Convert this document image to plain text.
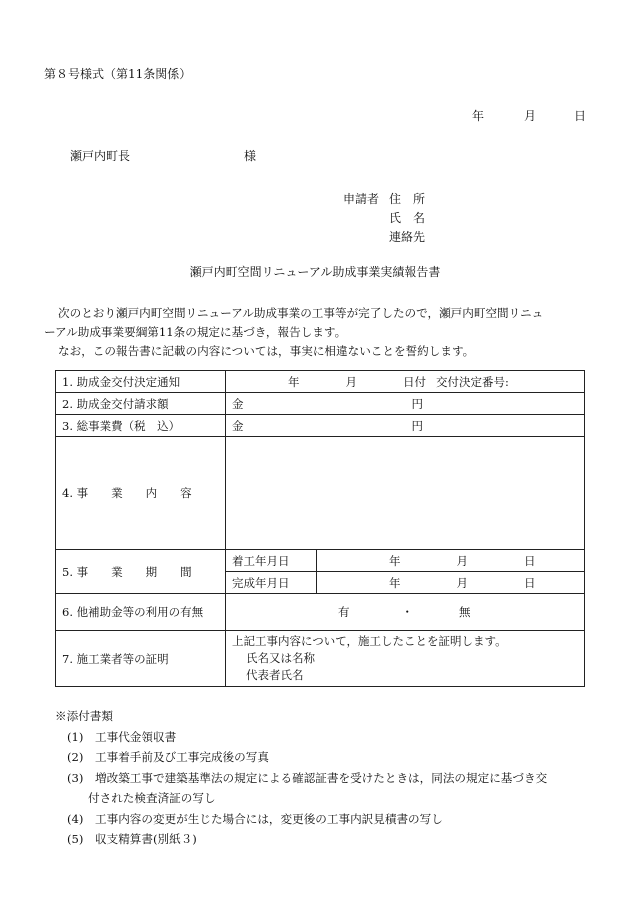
第８号様式（第11条関係）
年	月	日
瀬戸内町長	様
申請者 住　所
氏　名
連絡先
瀬戸内町空間リニューアル助成事業実績報告書

次のとおり瀬戸内町空間リニューアル助成事業の工事等が完了したので，瀬戸内町空間リニュ

ーアル助成事業要綱第11条の規定に基づき，報告します。

なお，この報告書に記載の内容については，事実に相違ないことを誓約します。

1. 助成金交付決定通知	年 月 日付 交付決定番号:	
2. 助成金交付請求額	金 円	
3. 総事業費（税　込）	金 円	
4. 事　　業　　内　　容		
5. 事　　業　　期　　間	着工年月日	年 月 日
	完成年月日	年 月 日
6. 他補助金等の利用の有無	有 ・ 無	
7. 施工業者等の証明	上記工事内容について，施工したことを証明します。
氏名又は名称
代表者氏名	
※添付書類
(1)　工事代金領収書
(2)　工事着手前及び工事完成後の写真
(3)　増改築工事で建築基準法の規定による確認証書を受けたときは，同法の規定に基づき交
付された検査済証の写し
(4)　工事内容の変更が生じた場合には，変更後の工事内訳見積書の写し
(5)　収支精算書(別紙３)
